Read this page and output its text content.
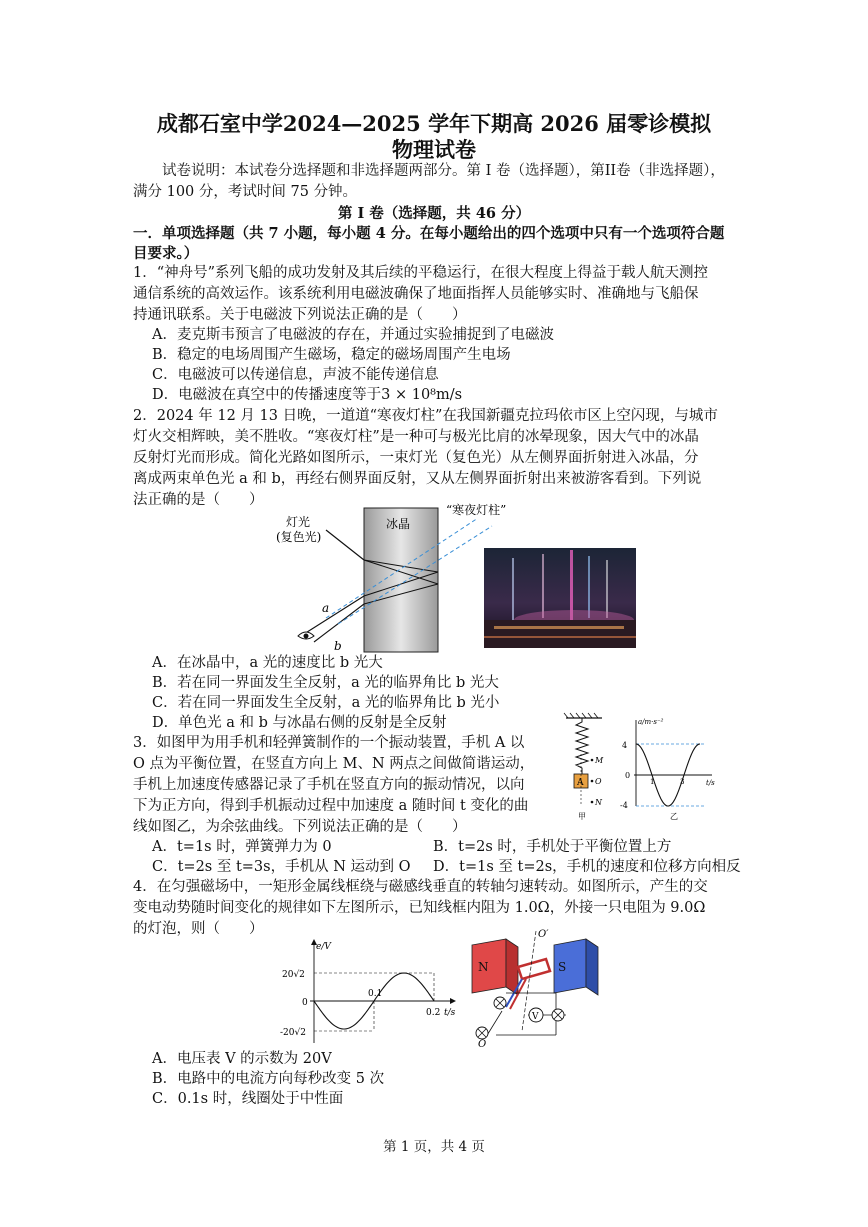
成都石室中学2024—2025 学年下期高 2026 届零诊模拟
物理试卷
试卷说明：本试卷分选择题和非选择题两部分。第 I 卷（选择题），第II卷（非选择题），
满分 100 分，考试时间 75 分钟。
第 I 卷（选择题，共 46 分）
一．单项选择题（共 7 小题，每小题 4 分。在每小题给出的四个选项中只有一个选项符合题
目要求。）
1．“神舟号”系列飞船的成功发射及其后续的平稳运行，在很大程度上得益于载人航天测控
通信系统的高效运作。该系统利用电磁波确保了地面指挥人员能够实时、准确地与飞船保
持通讯联系。关于电磁波下列说法正确的是（　　）
A．麦克斯韦预言了电磁波的存在，并通过实验捕捉到了电磁波
B．稳定的电场周围产生磁场，稳定的磁场周围产生电场
C．电磁波可以传递信息，声波不能传递信息
D．电磁波在真空中的传播速度等于3 × 10⁸m/s
2．2024 年 12 月 13 日晚，一道道“寒夜灯柱”在我国新疆克拉玛依市区上空闪现，与城市
灯火交相辉映，美不胜收。“寒夜灯柱”是一种可与极光比肩的冰晕现象，因大气中的冰晶
反射灯光而形成。简化光路如图所示，一束灯光（复色光）从左侧界面折射进入冰晶，分
离成两束单色光 a 和 b，再经右侧界面反射，又从左侧界面折射出来被游客看到。下列说
法正确的是（　　）
冰晶
灯光
(复色光)
“寒夜灯柱”
a
b
A．在冰晶中，a 光的速度比 b 光大
B．若在同一界面发生全反射，a 光的临界角比 b 光大
C．若在同一界面发生全反射，a 光的临界角比 b 光小
D．单色光 a 和 b 与冰晶右侧的反射是全反射
3．如图甲为用手机和轻弹簧制作的一个振动装置，手机 A 以
O 点为平衡位置，在竖直方向上 M、N 两点之间做简谐运动，
手机上加速度传感器记录了手机在竖直方向的振动情况，以向
下为正方向，得到手机振动过程中加速度 a 随时间 t 变化的曲
线如图乙，为余弦曲线。下列说法正确的是（　　）
A
M
O
N
甲
a/m·s⁻²
4
-4
0
1	3	t/s
乙
A．t=1s 时，弹簧弹力为 0	B．t=2s 时，手机处于平衡位置上方
C．t=2s 至 t=3s，手机从 N 运动到 O D．t=1s 至 t=2s，手机的速度和位移方向相反
4．在匀强磁场中，一矩形金属线框绕与磁感线垂直的转轴匀速转动。如图所示，产生的交
变电动势随时间变化的规律如下左图所示，已知线框内阻为 1.0Ω，外接一只电阻为 9.0Ω
的灯泡，则（　　）
e/V
20√2
0
-20√2
0.1
0.2 t/s
N	S
O′
O
V
A．电压表 V 的示数为 20V
B．电路中的电流方向每秒改变 5 次
C．0.1s 时，线圈处于中性面
第 1 页，共 4 页
